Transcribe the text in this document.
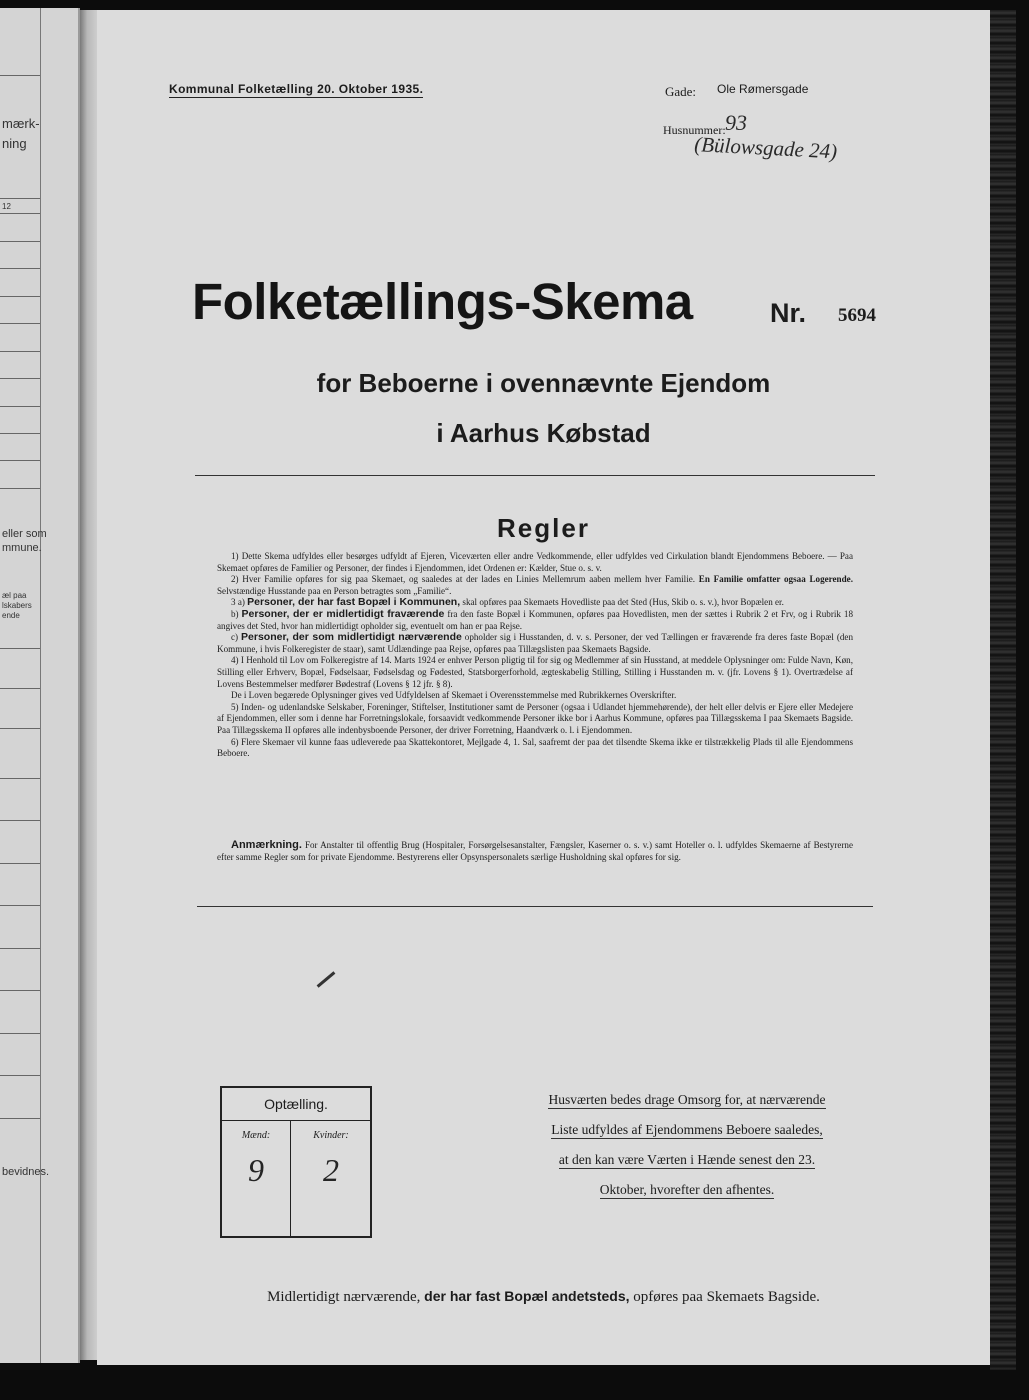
mærk-
ning
12
eller som
mmune.
æl paa
lskabers
ende
bevidnes.
Kommunal Folketælling 20. Oktober 1935.	Gade: Ole Rømersgade
Husnummer: 93
(Bülowsgade 24)
Folketællings-Skema	Nr. 5694
for Beboerne i ovennævnte Ejendom
i Aarhus Købstad
Regler

1) Dette Skema udfyldes eller besørges udfyldt af Ejeren, Viceværten eller andre Vedkommende, eller udfyldes ved Cirkulation blandt Ejendommens Beboere. — Paa Skemaet opføres de Familier og Personer, der findes i Ejendommen, idet Ordenen er: Kælder, Stue o. s. v.

2) Hver Familie opføres for sig paa Skemaet, og saaledes at der lades en Linies Mellemrum aaben mellem hver Familie. En Familie omfatter ogsaa Logerende. Selvstændige Husstande paa en Person betragtes som „Familie“.

3 a) Personer, der har fast Bopæl i Kommunen, skal opføres paa Skemaets Hovedliste paa det Sted (Hus, Skib o. s. v.), hvor Bopælen er.

b) Personer, der er midlertidigt fraværende fra den faste Bopæl i Kommunen, opføres paa Hovedlisten, men der sættes i Rubrik 2 et Frv, og i Rubrik 18 angives det Sted, hvor han midlertidigt opholder sig, eventuelt om han er paa Rejse.

c) Personer, der som midlertidigt nærværende opholder sig i Husstanden, d. v. s. Personer, der ved Tællingen er fraværende fra deres faste Bopæl (den Kommune, i hvis Folkeregister de staar), samt Udlændinge paa Rejse, opføres paa Tillægslisten paa Skemaets Bagside.

4) I Henhold til Lov om Folkeregistre af 14. Marts 1924 er enhver Person pligtig til for sig og Medlemmer af sin Husstand, at meddele Oplysninger om: Fulde Navn, Køn, Stilling eller Erhverv, Bopæl, Fødselsaar, Fødselsdag og Fødested, Statsborgerforhold, ægteskabelig Stilling, Stilling i Husstanden m. v. (jfr. Lovens § 1). Overtrædelse af Lovens Bestemmelser medfører Bødestraf (Lovens § 12 jfr. § 8).

De i Loven begærede Oplysninger gives ved Udfyldelsen af Skemaet i Overensstemmelse med Rubrikkernes Overskrifter.

5) Inden- og udenlandske Selskaber, Foreninger, Stiftelser, Institutioner samt de Personer (ogsaa i Udlandet hjemmehørende), der helt eller delvis er Ejere eller Medejere af Ejendommen, eller som i denne har Forretningslokale, forsaavidt vedkommende Personer ikke bor i Aarhus Kommune, opføres paa Tillægsskema I paa Skemaets Bagside. Paa Tillægsskema II opføres alle indenbysboende Personer, der driver Forretning, Haandværk o. l. i Ejendommen.

6) Flere Skemaer vil kunne faas udleverede paa Skattekontoret, Mejlgade 4, 1. Sal, saafremt der paa det tilsendte Skema ikke er tilstrækkelig Plads til alle Ejendommens Beboere.

Anmærkning. For Anstalter til offentlig Brug (Hospitaler, Forsørgelsesanstalter, Fængsler, Kaserner o. s. v.) samt Hoteller o. l. udfyldes Skemaerne af Bestyrerne efter samme Regler som for private Ejendomme. Bestyrerens eller Opsynspersonalets særlige Husholdning skal opføres for sig.

Optælling.
Mænd:	Kvinder:
9	2
Husværten bedes drage Omsorg for, at nærværende Liste udfyldes af Ejendommens Beboere saaledes, at den kan være Værten i Hænde senest den 23. Oktober, hvorefter den afhentes.
Midlertidigt nærværende, der har fast Bopæl andetsteds, opføres paa Skemaets Bagside.
